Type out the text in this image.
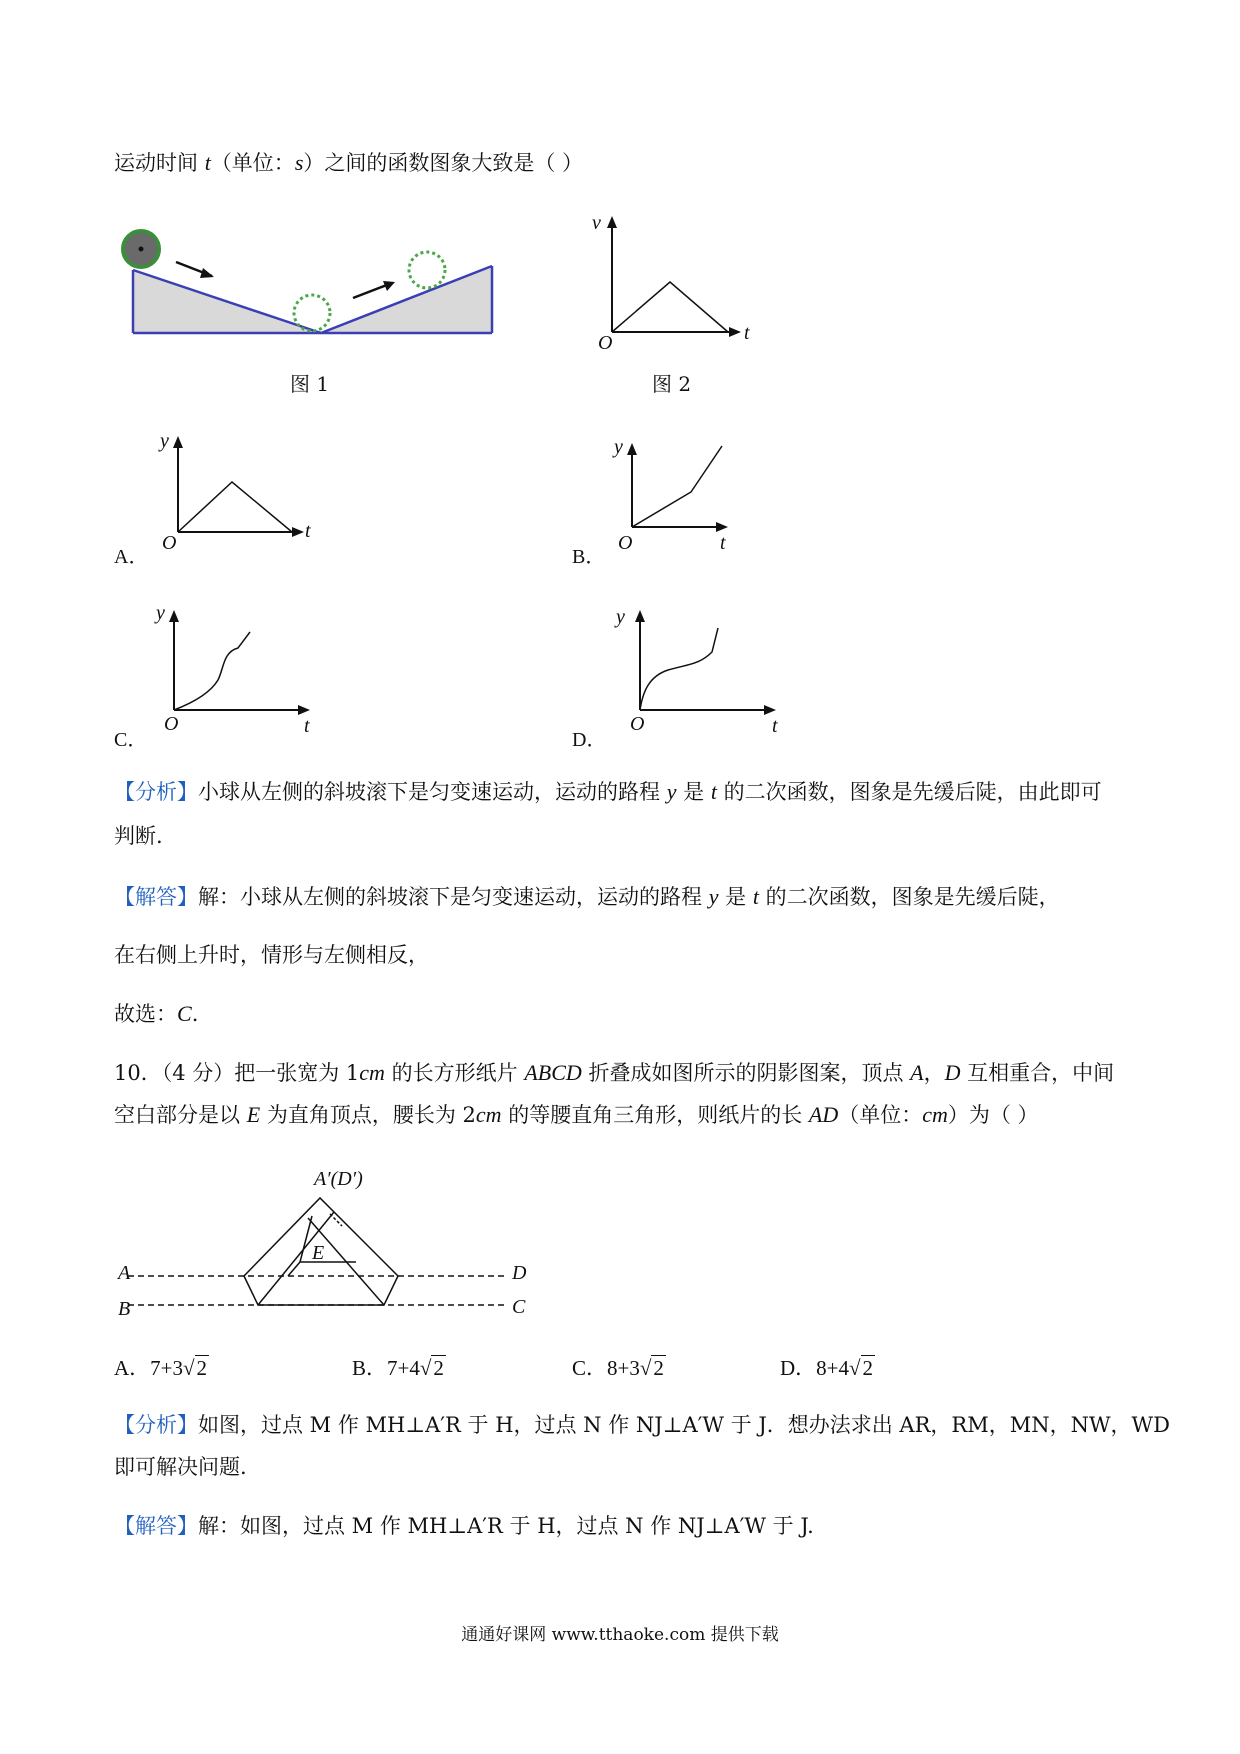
运动时间 t（单位：s）之间的函数图象大致是（ ）
图 1
v
O	t
图 2
A．
y
O
t
B．
y
O	t
C．
y
O	t
D．
y
O	t
【分析】小球从左侧的斜坡滚下是匀变速运动，运动的路程 y 是 t 的二次函数，图象是先缓后陡，由此即可
判断.
【解答】解：小球从左侧的斜坡滚下是匀变速运动，运动的路程 y 是 t 的二次函数，图象是先缓后陡，
在右侧上升时，情形与左侧相反，
故选：C.
10．（4 分）把一张宽为 1cm 的长方形纸片 ABCD 折叠成如图所示的阴影图案，顶点 A，D 互相重合，中间
空白部分是以 E 为直角顶点，腰长为 2cm 的等腰直角三角形，则纸片的长 AD（单位：cm）为（ ）
A′(D′)
E
A
B
D
C
A．7+3√2	B．7+4√2	C．8+3√2	D．8+4√2
【分析】如图，过点 M 作 MH⊥A′R 于 H，过点 N 作 NJ⊥A′W 于 J．想办法求出 AR，RM，MN，NW，WD
即可解决问题.
【解答】解：如图，过点 M 作 MH⊥A′R 于 H，过点 N 作 NJ⊥A′W 于 J.
通通好课网 www.tthaoke.com 提供下载
